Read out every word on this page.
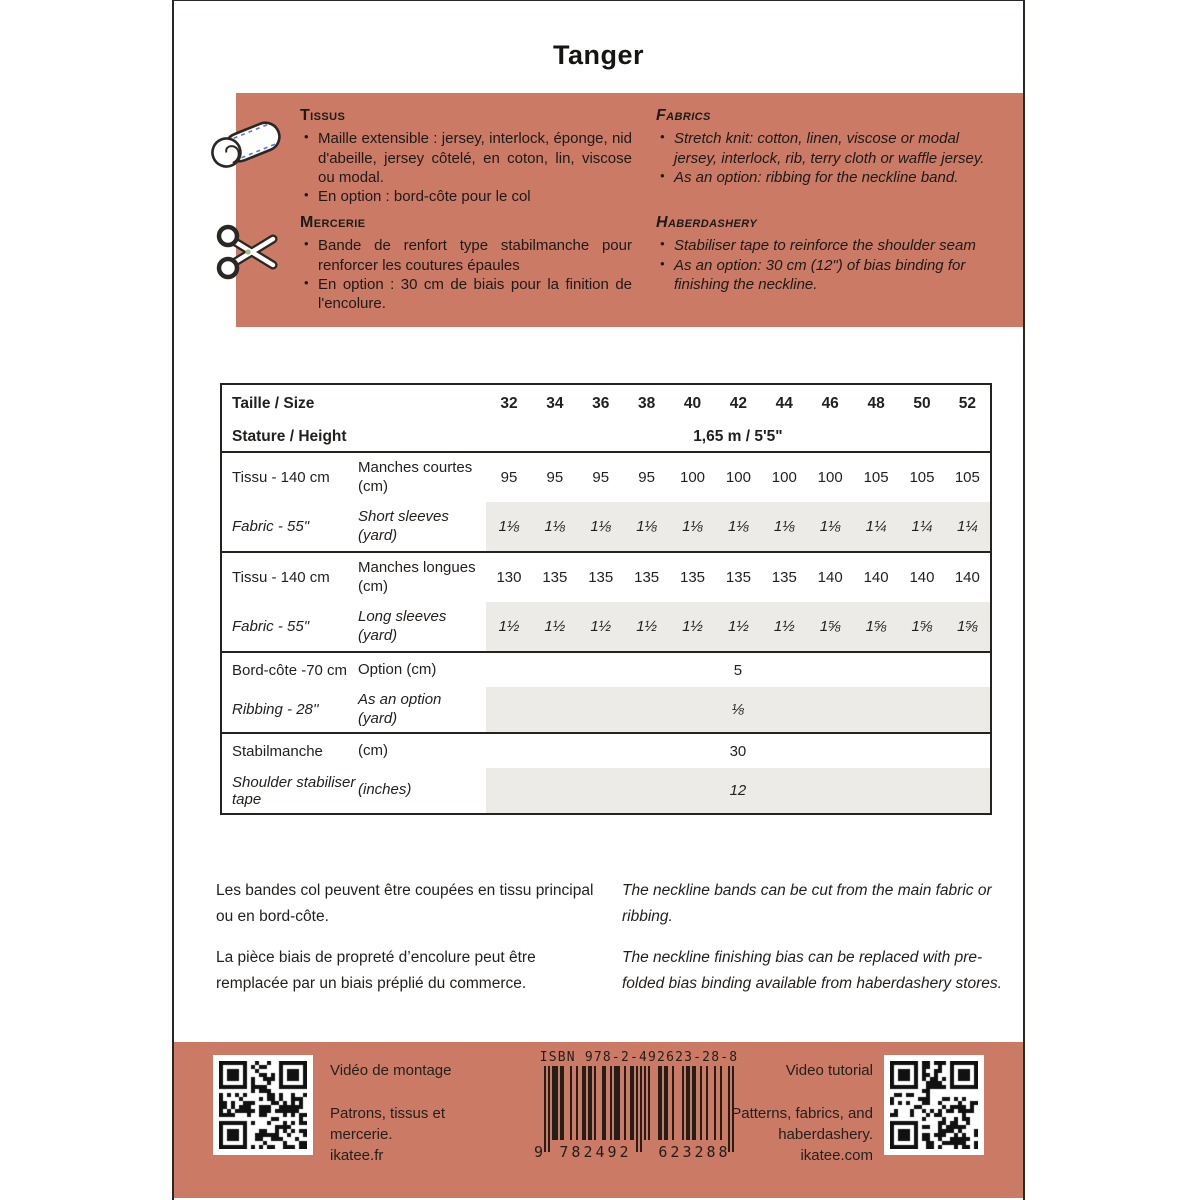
Tanger
Tissus
• Maille extensible : jersey, interlock, éponge, nid d'abeille, jersey côtelé, en coton, lin, viscose ou modal.
• En option : bord-côte pour le col
Mercerie
• Bande de renfort type stabilmanche pour renforcer les coutures épaules
• En option : 30 cm de biais pour la finition de l'encolure.
Fabrics
• Stretch knit: cotton, linen, viscose or modal jersey, interlock, rib, terry cloth or waffle jersey.
• As an option: ribbing for the neckline band.
Haberdashery
• Stabiliser tape to reinforce the shoulder seam
• As an option: 30 cm (12") of bias binding for finishing the neckline.
Taille / Size		32	34	36	38	40	42	44	46	48	50	52
Stature / Height		1,65 m / 5'5"										
Tissu - 140 cm	Manches courtes (cm)	95	95	95	95	100	100	100	100	105	105	105
Fabric - 55"	Short sleeves (yard)	1⅛	1⅛	1⅛	1⅛	1⅛	1⅛	1⅛	1⅛	1¼	1¼	1¼
Tissu - 140 cm	Manches longues (cm)	130	135	135	135	135	135	135	140	140	140	140
Fabric - 55"	Long sleeves (yard)	1½	1½	1½	1½	1½	1½	1½	1⅝	1⅝	1⅝	1⅝
Bord-côte -70 cm	Option (cm)	5										
Ribbing - 28''	As an option (yard)	⅛										
Stabilmanche	(cm)	30										
Shoulder stabiliser tape	(inches)	12										

Les bandes col peuvent être coupées en tissu principal ou en bord-côte.

La pièce biais de propreté d’encolure peut être remplacée par un biais préplié du commerce.

The neckline bands can be cut from the main fabric or ribbing.

The neckline finishing bias can be replaced with pre-folded bias binding available from haberdashery stores.

Vidéo de montage
Patrons, tissus et mercerie.
ikatee.fr
ISBN 978-2-492623-28-8
9 782492	623288
Video tutorial
Patterns, fabrics, and haberdashery.
ikatee.com
